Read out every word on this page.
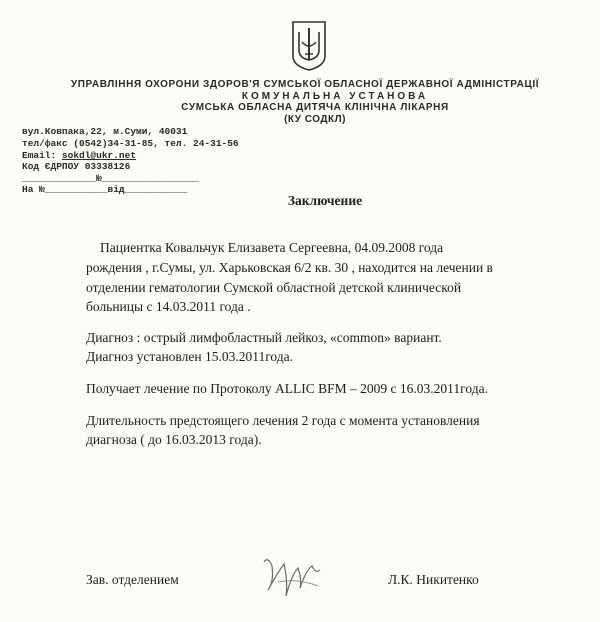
УПРАВЛІННЯ ОХОРОНИ ЗДОРОВ'Я СУМСЬКОЇ ОБЛАСНОЇ ДЕРЖАВНОЇ АДМІНІСТРАЦІЇ
КОМУНАЛЬНА УСТАНОВА
СУМСЬКА ОБЛАСНА ДИТЯЧА КЛІНІЧНА ЛІКАРНЯ
(КУ СОДКЛ)
вул.Ковпака,22, м.Суми, 40031
тел/факс (0542)34-31-85, тел. 24-31-56
Email: sokdl@ukr.net
Код ЄДРПОУ 03338126
_____________№_________________
На №___________від___________
Заключение
Пациентка Ковальчук Елизавета Сергеевна, 04.09.2008 года
рождения , г.Сумы, ул. Харьковская 6/2 кв. 30 , находится на лечении в
отделении гематологии Сумской областной детской клинической
больницы с 14.03.2011 года .
Диагноз : острый лимфобластный лейкоз, «common» вариант.
Диагноз установлен 15.03.2011года.
Получает лечение по Протоколу ALLIC BFM – 2009 с 16.03.2011года.
Длительность предстоящего лечения 2 года с момента установления
диагноза ( до 16.03.2013 года).
Зав. отделением	Л.К. Никитенко
